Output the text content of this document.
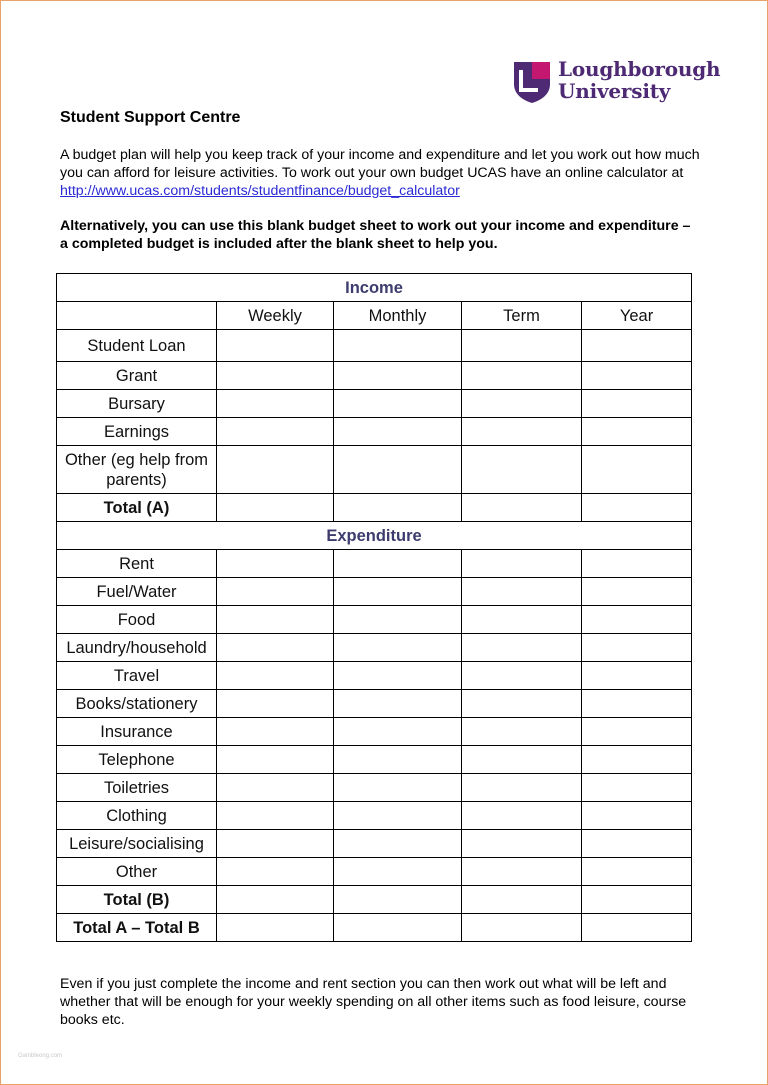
Loughborough
University
Student Support Centre
A budget plan will help you keep track of your income and expenditure and let you work out how much you can afford for leisure activities. To work out your own budget UCAS have an online calculator at http://www.ucas.com/students/studentfinance/budget_calculator
Alternatively, you can use this blank budget sheet to work out your income and expenditure – a completed budget is included after the blank sheet to help you.
Income				
	Weekly	Monthly	Term	Year
Student Loan				
Grant				
Bursary				
Earnings				
Other (eg help from parents)				
Total (A)				
Expenditure				
Rent				
Fuel/Water				
Food				
Laundry/household				
Travel				
Books/stationery				
Insurance				
Telephone				
Toiletries				
Clothing				
Leisure/socialising				
Other				
Total (B)				
Total A – Total B				
Even if you just complete the income and rent section you can then work out what will be left and whether that will be enough for your weekly spending on all other items such as food leisure, course books etc.
Gambleong.com
